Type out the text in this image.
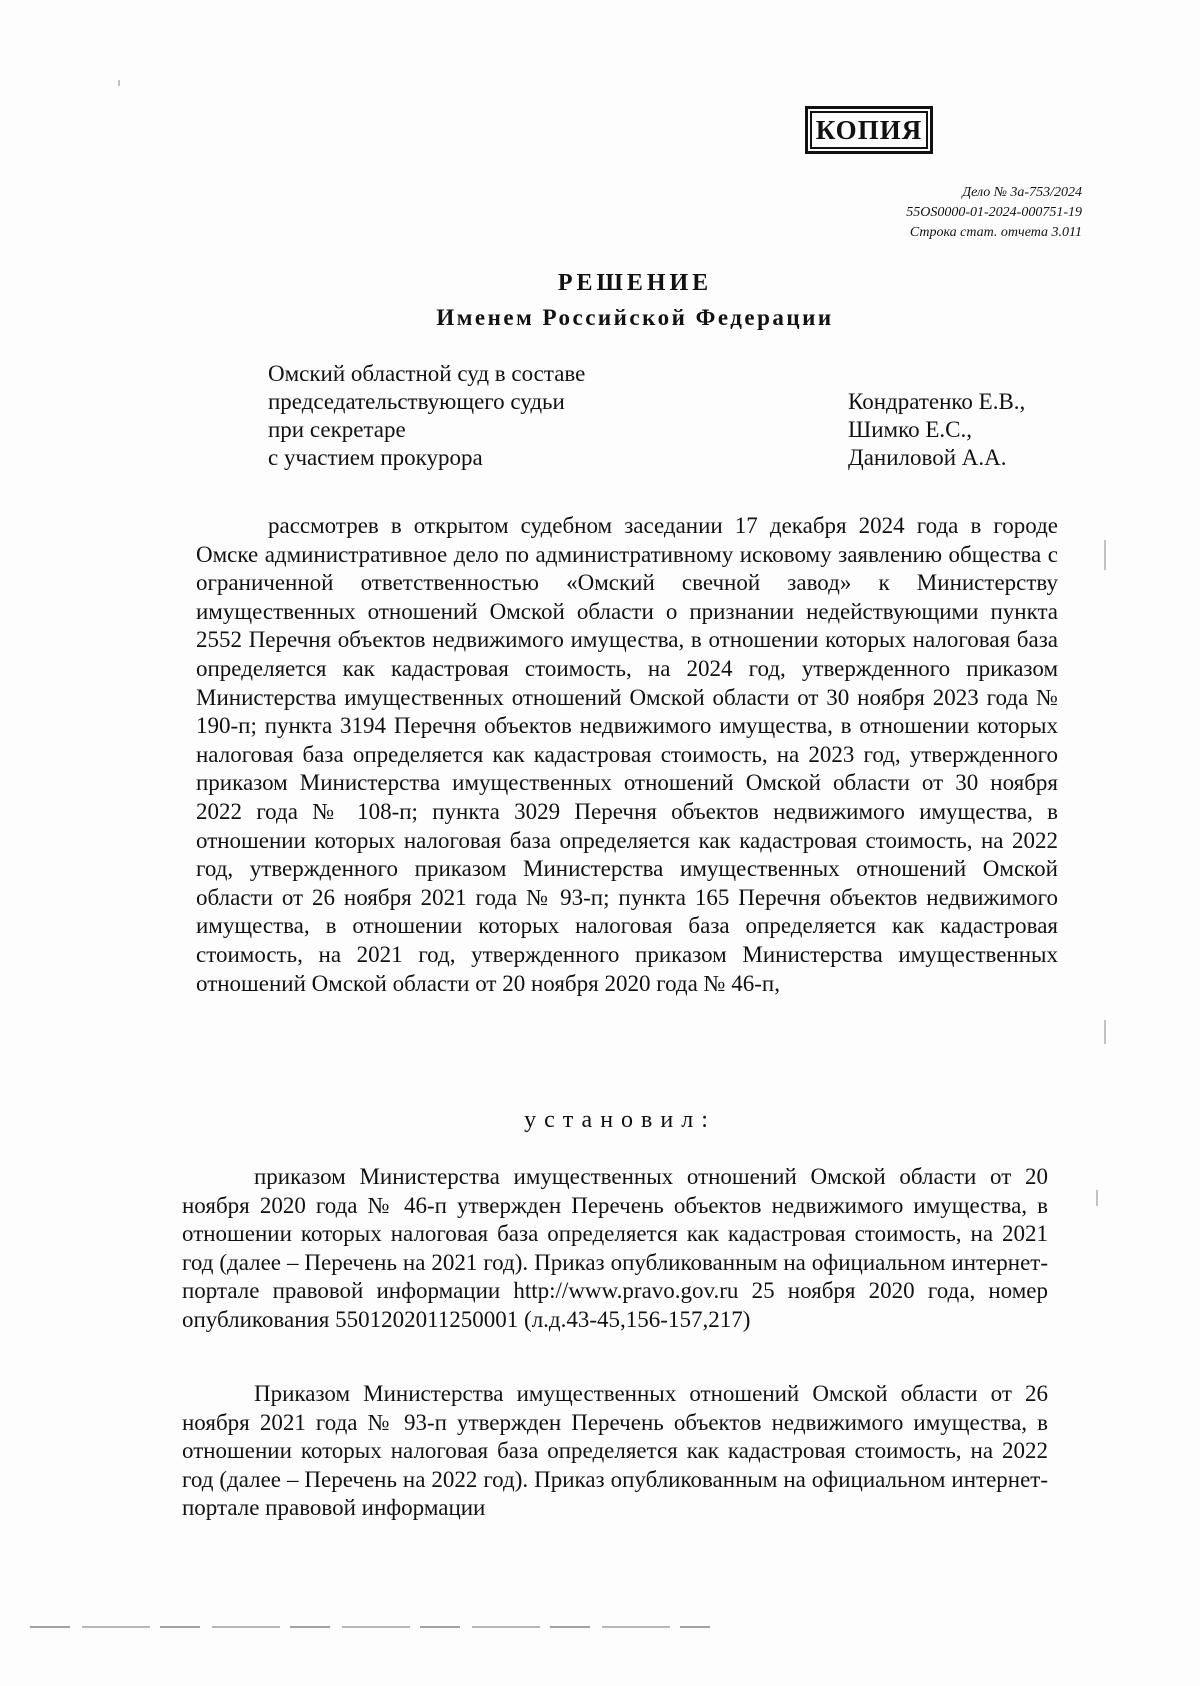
КОПИЯ
Дело № 3а-753/2024
55OS0000-01-2024-000751-19
Строка стат. отчета 3.011
РЕШЕНИЕ
Именем Российской Федерации
Омский областной суд в составе
председательствующего судьи	Кондратенко Е.В.,
при секретаре	Шимко Е.С.,
с участием прокурора	Даниловой А.А.

рассмотрев в открытом судебном заседании 17 декабря 2024 года в городе Омске административное дело по административному исковому заявлению общества с ограниченной ответственностью «Омский свечной завод» к Министерству имущественных отношений Омской области о признании недействующими пункта 2552 Перечня объектов недвижимого имущества, в отношении которых налоговая база определяется как кадастровая стоимость, на 2024 год, утвержденного приказом Министерства имущественных отношений Омской области от 30 ноября 2023 года № 190-п; пункта 3194 Перечня объектов недвижимого имущества, в отношении которых налоговая база определяется как кадастровая стоимость, на 2023 год, утвержденного приказом Министерства имущественных отношений Омской области от 30 ноября 2022 года № 108-п; пункта 3029 Перечня объектов недвижимого имущества, в отношении которых налоговая база определяется как кадастровая стоимость, на 2022 год, утвержденного приказом Министерства имущественных отношений Омской области от 26 ноября 2021 года № 93-п; пункта 165 Перечня объектов недвижимого имущества, в отношении которых налоговая база определяется как кадастровая стоимость, на 2021 год, утвержденного приказом Министерства имущественных отношений Омской области от 20 ноября 2020 года № 46-п,

установил:

приказом Министерства имущественных отношений Омской области от 20 ноября 2020 года № 46-п утвержден Перечень объектов недвижимого имущества, в отношении которых налоговая база определяется как кадастровая стоимость, на 2021 год (далее – Перечень на 2021 год). Приказ опубликованным на официальном интернет-портале правовой информации http://www.pravo.gov.ru 25 ноября 2020 года, номер опубликования 5501202011250001 (л.д.43-45,156-157,217)

Приказом Министерства имущественных отношений Омской области от 26 ноября 2021 года № 93-п утвержден Перечень объектов недвижимого имущества, в отношении которых налоговая база определяется как кадастровая стоимость, на 2022 год (далее – Перечень на 2022 год). Приказ опубликованным на официальном интернет-портале правовой информации
